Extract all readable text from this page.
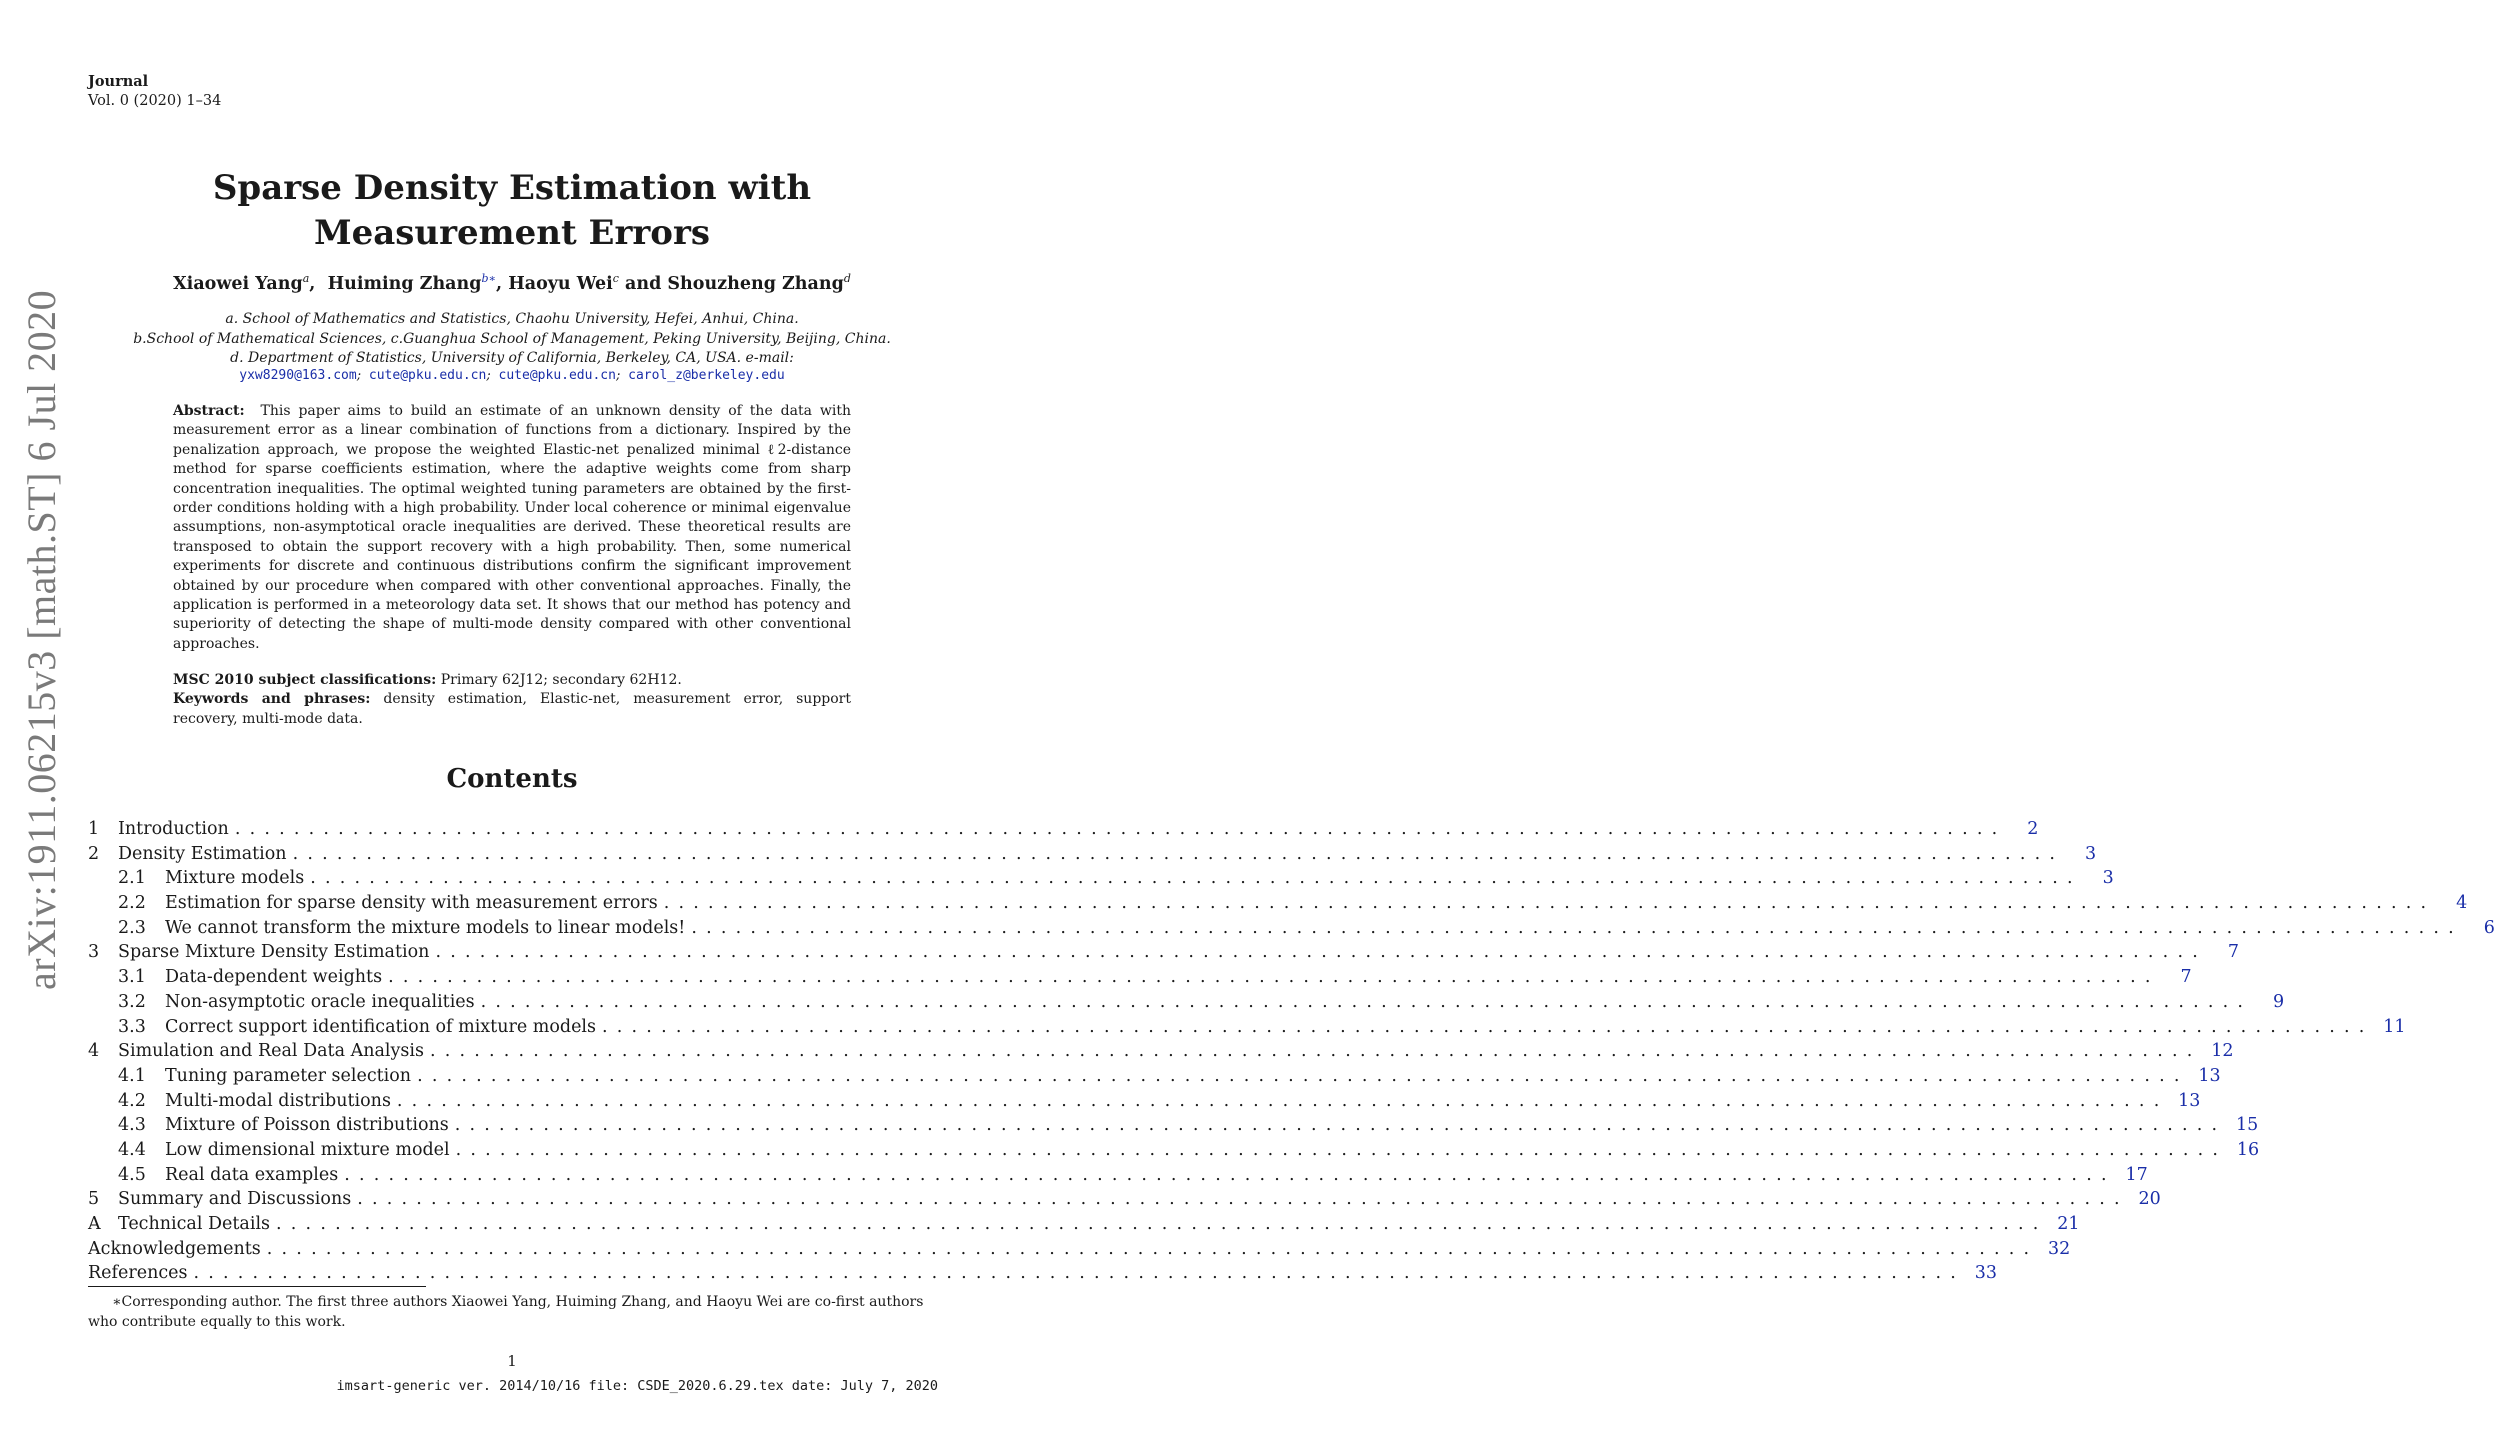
Journal
Vol. 0 (2020) 1–34
Sparse Density Estimation with Measurement Errors
Xiaowei Yang$^a$, Huiming Zhang$^{b∗}$, Haoyu Wei$^c$ and Shouzheng Zhang$^d$
a. School of Mathematics and Statistics, Chaohu University, Hefei, Anhui, China.
b.School of Mathematical Sciences, c.Guanghua School of Management, Peking University, Beijing, China.
d. Department of Statistics, University of California, Berkeley, CA, USA. e-mail:
yxw8290@163.com; cute@pku.edu.cn; cute@pku.edu.cn; carol_z@berkeley.edu
Abstract: This paper aims to build an estimate of an unknown density of the data with measurement error as a linear combination of functions from a dictionary. Inspired by the penalization approach, we propose the weighted Elastic-net penalized minimal ℓ2-distance method for sparse coefficients estimation, where the adaptive weights come from sharp concentration inequalities. The optimal weighted tuning parameters are obtained by the first-order conditions holding with a high probability. Under local coherence or minimal eigenvalue assumptions, non-asymptotical oracle inequalities are derived. These theoretical results are transposed to obtain the support recovery with a high probability. Then, some numerical experiments for discrete and continuous distributions confirm the significant improvement obtained by our procedure when compared with other conventional approaches. Finally, the application is performed in a meteorology data set. It shows that our method has potency and superiority of detecting the shape of multi-mode density compared with other conventional approaches.
MSC 2010 subject classifications: Primary 62J12; secondary 62H12.
Keywords and phrases: density estimation, Elastic-net, measurement error, support recovery, multi-mode data.
Contents
1	Introduction ........................................................................................................................	2
2	Density Estimation ........................................................................................................................	3
2.1	Mixture models ........................................................................................................................	3
2.2	Estimation for sparse density with measurement errors ........................................................................................................................	4
2.3	We cannot transform the mixture models to linear models! ........................................................................................................................	6
3	Sparse Mixture Density Estimation ........................................................................................................................	7
3.1	Data-dependent weights ........................................................................................................................	7
3.2	Non-asymptotic oracle inequalities ........................................................................................................................	9
3.3	Correct support identification of mixture models ........................................................................................................................ 11
4	Simulation and Real Data Analysis ........................................................................................................................ 12
4.1	Tuning parameter selection ........................................................................................................................ 13
4.2	Multi-modal distributions ........................................................................................................................ 13
4.3	Mixture of Poisson distributions ........................................................................................................................ 15
4.4	Low dimensional mixture model ........................................................................................................................ 16
4.5	Real data examples ........................................................................................................................ 17
5	Summary and Discussions ........................................................................................................................ 20
A Technical Details ........................................................................................................................ 21
Acknowledgements ........................................................................................................................ 32
References ........................................................................................................................ 33
∗Corresponding author. The first three authors Xiaowei Yang, Huiming Zhang, and Haoyu Wei are co-first authors who contribute equally to this work.
1
imsart-generic ver. 2014/10/16 file: CSDE_2020.6.29.tex date: July 7, 2020
arXiv:1911.06215v3 [math.ST] 6 Jul 2020
